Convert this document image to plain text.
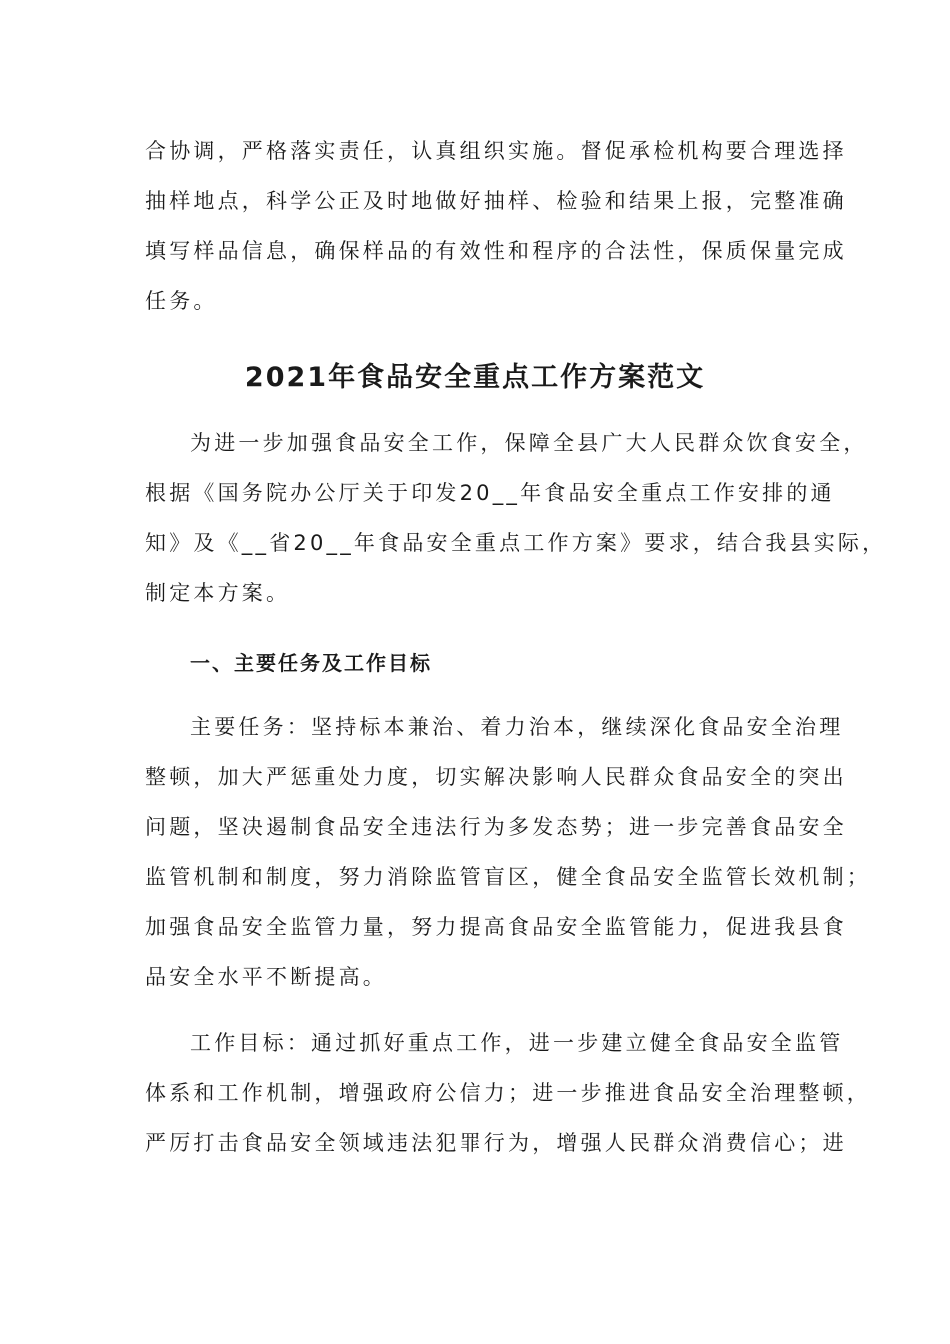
合协调，严格落实责任，认真组织实施。督促承检机构要合理选择
抽样地点，科学公正及时地做好抽样、检验和结果上报，完整准确
填写样品信息，确保样品的有效性和程序的合法性，保质保量完成
任务。
2021年食品安全重点工作方案范文
为进一步加强食品安全工作，保障全县广大人民群众饮食安全，
根据《国务院办公厅关于印发20__年食品安全重点工作安排的通
知》及《__省20__年食品安全重点工作方案》要求，结合我县实际，
制定本方案。
一、主要任务及工作目标
主要任务：坚持标本兼治、着力治本，继续深化食品安全治理
整顿，加大严惩重处力度，切实解决影响人民群众食品安全的突出
问题，坚决遏制食品安全违法行为多发态势；进一步完善食品安全
监管机制和制度，努力消除监管盲区，健全食品安全监管长效机制；
加强食品安全监管力量，努力提高食品安全监管能力，促进我县食
品安全水平不断提高。
工作目标：通过抓好重点工作，进一步建立健全食品安全监管
体系和工作机制，增强政府公信力；进一步推进食品安全治理整顿，
严厉打击食品安全领域违法犯罪行为，增强人民群众消费信心；进
